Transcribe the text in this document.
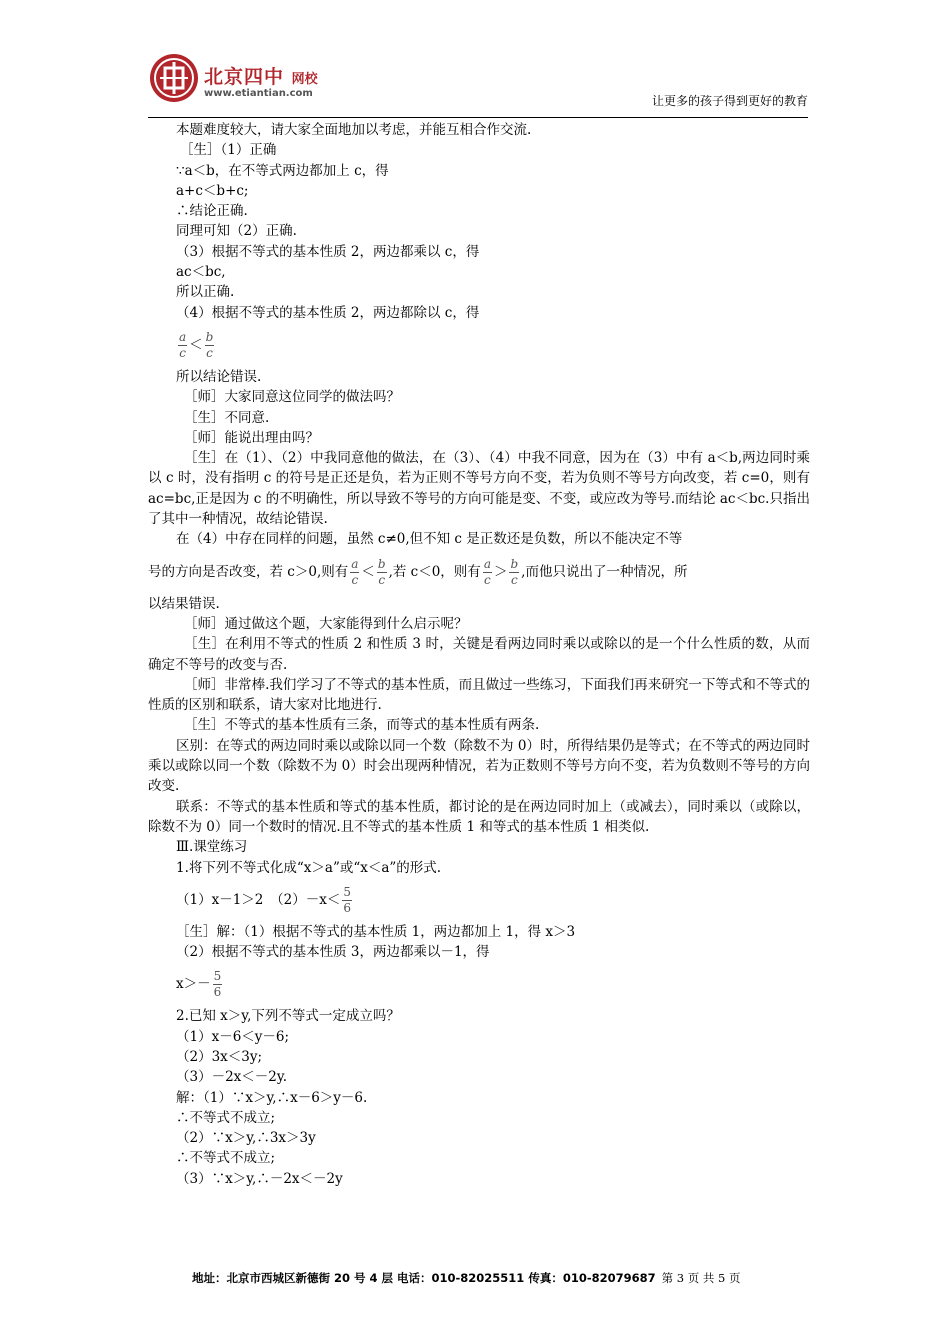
北京四中 网校
www.etiantian.com
让更多的孩子得到更好的教育

本题难度较大，请大家全面地加以考虑，并能互相合作交流.

［生］（1）正确

∵a＜b，在不等式两边都加上 c，得

a+c＜b+c;

∴结论正确.

同理可知（2）正确.

（3）根据不等式的基本性质 2，两边都乘以 c，得

ac＜bc,

所以正确.

（4）根据不等式的基本性质 2，两边都除以 c，得

$\frac{a}{c} < \frac{b}{c}$

所以结论错误.

［师］大家同意这位同学的做法吗？

［生］不同意.

［师］能说出理由吗？

［生］在（1）、（2）中我同意他的做法，在（3）、（4）中我不同意，因为在（3）中有 a＜b,两边同时乘以 c 时，没有指明 c 的符号是正还是负，若为正则不等号方向不变，若为负则不等号方向改变，若 c=0，则有 ac=bc,正是因为 c 的不明确性，所以导致不等号的方向可能是变、不变，或应改为等号.而结论 ac＜bc.只指出了其中一种情况，故结论错误.

在（4）中存在同样的问题，虽然 c≠0,但不知 c 是正数还是负数，所以不能决定不等

号的方向是否改变，若 c＞0,则有 $\frac{a}{c} < \frac{b}{c}$ ,若 c＜0，则有 $\frac{a}{c} > \frac{b}{c}$ ,而他只说出了一种情况，所

以结果错误.

［师］通过做这个题，大家能得到什么启示呢？

［生］在利用不等式的性质 2 和性质 3 时，关键是看两边同时乘以或除以的是一个什么性质的数，从而确定不等号的改变与否.

［师］非常棒.我们学习了不等式的基本性质，而且做过一些练习，下面我们再来研究一下等式和不等式的性质的区别和联系，请大家对比地进行.

［生］不等式的基本性质有三条，而等式的基本性质有两条.

区别：在等式的两边同时乘以或除以同一个数（除数不为 0）时，所得结果仍是等式；在不等式的两边同时乘以或除以同一个数（除数不为 0）时会出现两种情况，若为正数则不等号方向不变，若为负数则不等号的方向改变.

联系：不等式的基本性质和等式的基本性质，都讨论的是在两边同时加上（或减去），同时乘以（或除以，除数不为 0）同一个数时的情况.且不等式的基本性质 1 和等式的基本性质 1 相类似.

Ⅲ.课堂练习

1.将下列不等式化成“x＞a”或“x＜a”的形式.

（1）x－1＞2　$(2)-x< \frac{5}{6}$

［生］解：（1）根据不等式的基本性质 1，两边都加上 1，得 x＞3

（2）根据不等式的基本性质 3，两边都乘以－1，得

$x>- \frac{5}{6}$

2.已知 x＞y,下列不等式一定成立吗？

（1）x－6＜y－6;

（2）3x＜3y;

（3）－2x＜－2y.

解：（1）∵x＞y,∴x－6＞y－6.

∴不等式不成立;

（2）∵x＞y,∴3x＞3y

∴不等式不成立;

（3）∵x＞y,∴－2x＜－2y

地址：北京市西城区新德街 20 号 4 层 电话：010-82025511 传真：010-82079687 第 3 页 共 5 页
